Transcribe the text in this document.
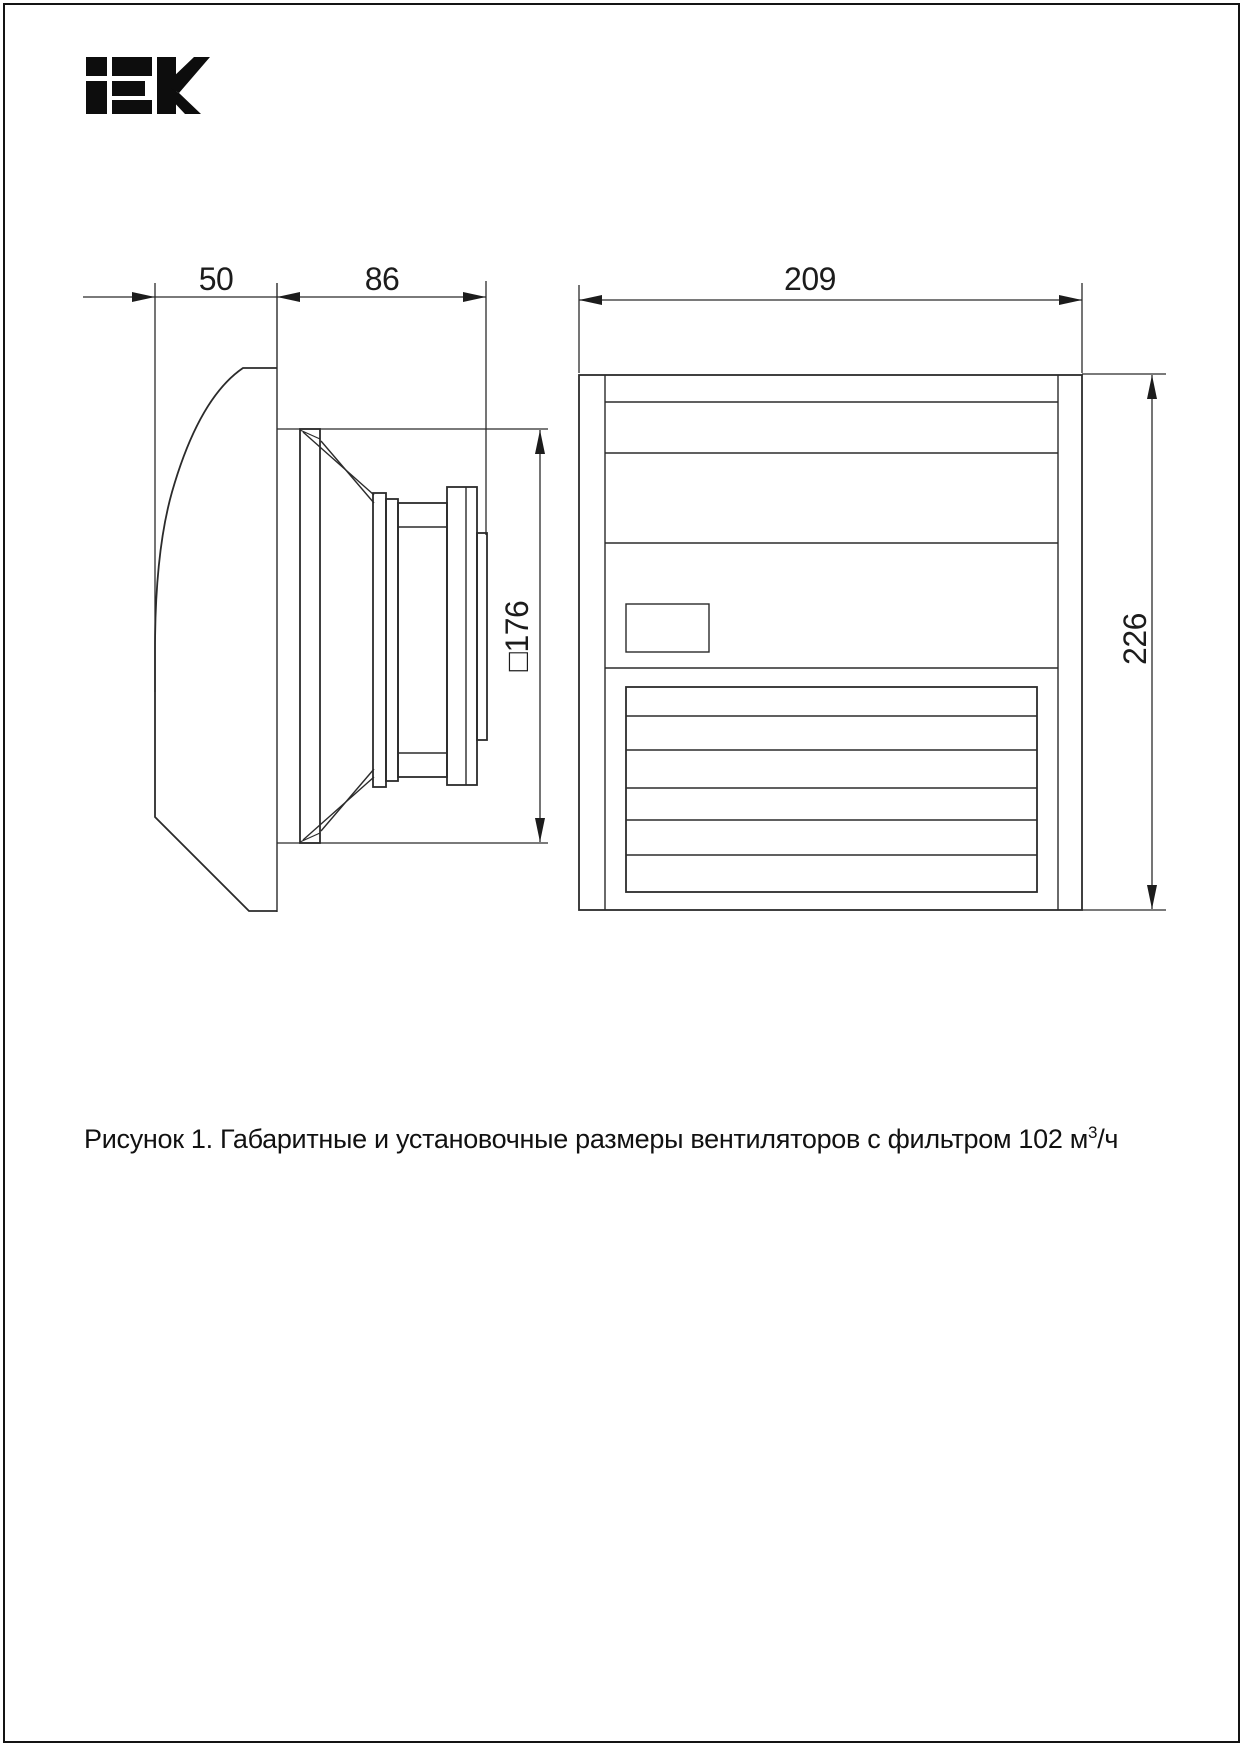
50	86
□176
209
226
Рисунок 1. Габаритные и установочные размеры вентиляторов с фильтром 102 $м^3/ч$
